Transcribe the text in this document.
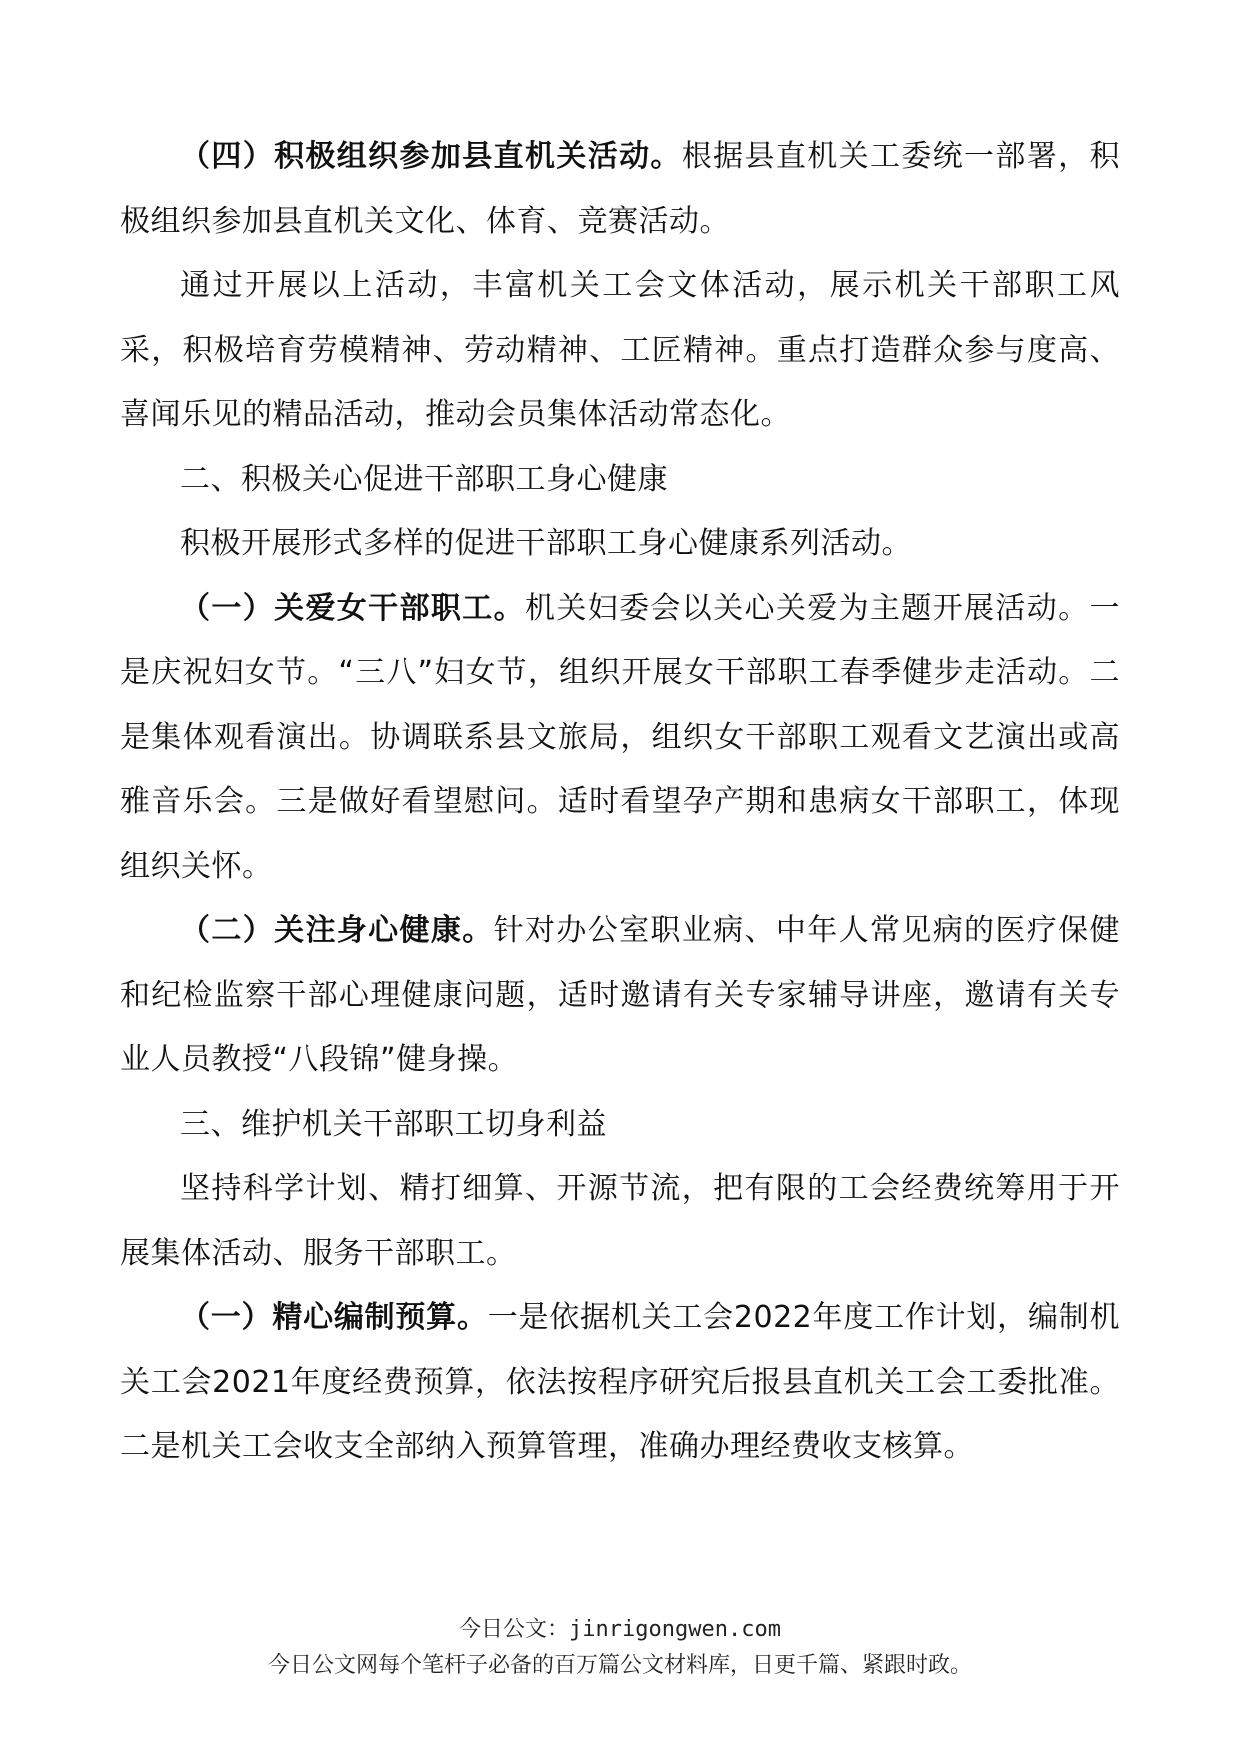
（四）积极组织参加县直机关活动。根据县直机关工委统一部署，积极组织参加县直机关文化、体育、竞赛活动。

通过开展以上活动，丰富机关工会文体活动，展示机关干部职工风采，积极培育劳模精神、劳动精神、工匠精神。重点打造群众参与度高、喜闻乐见的精品活动，推动会员集体活动常态化。

二、积极关心促进干部职工身心健康

积极开展形式多样的促进干部职工身心健康系列活动。

（一）关爱女干部职工。机关妇委会以关心关爱为主题开展活动。一是庆祝妇女节。“三八”妇女节，组织开展女干部职工春季健步走活动。二是集体观看演出。协调联系县文旅局，组织女干部职工观看文艺演出或高雅音乐会。三是做好看望慰问。适时看望孕产期和患病女干部职工，体现组织关怀。

（二）关注身心健康。针对办公室职业病、中年人常见病的医疗保健和纪检监察干部心理健康问题，适时邀请有关专家辅导讲座，邀请有关专业人员教授“八段锦”健身操。

三、维护机关干部职工切身利益

坚持科学计划、精打细算、开源节流，把有限的工会经费统筹用于开展集体活动、服务干部职工。

（一）精心编制预算。一是依据机关工会2022年度工作计划，编制机关工会2021年度经费预算，依法按程序研究后报县直机关工会工委批准。二是机关工会收支全部纳入预算管理，准确办理经费收支核算。

今日公文：jinrigongwen.com
今日公文网每个笔杆子必备的百万篇公文材料库，日更千篇、紧跟时政。
